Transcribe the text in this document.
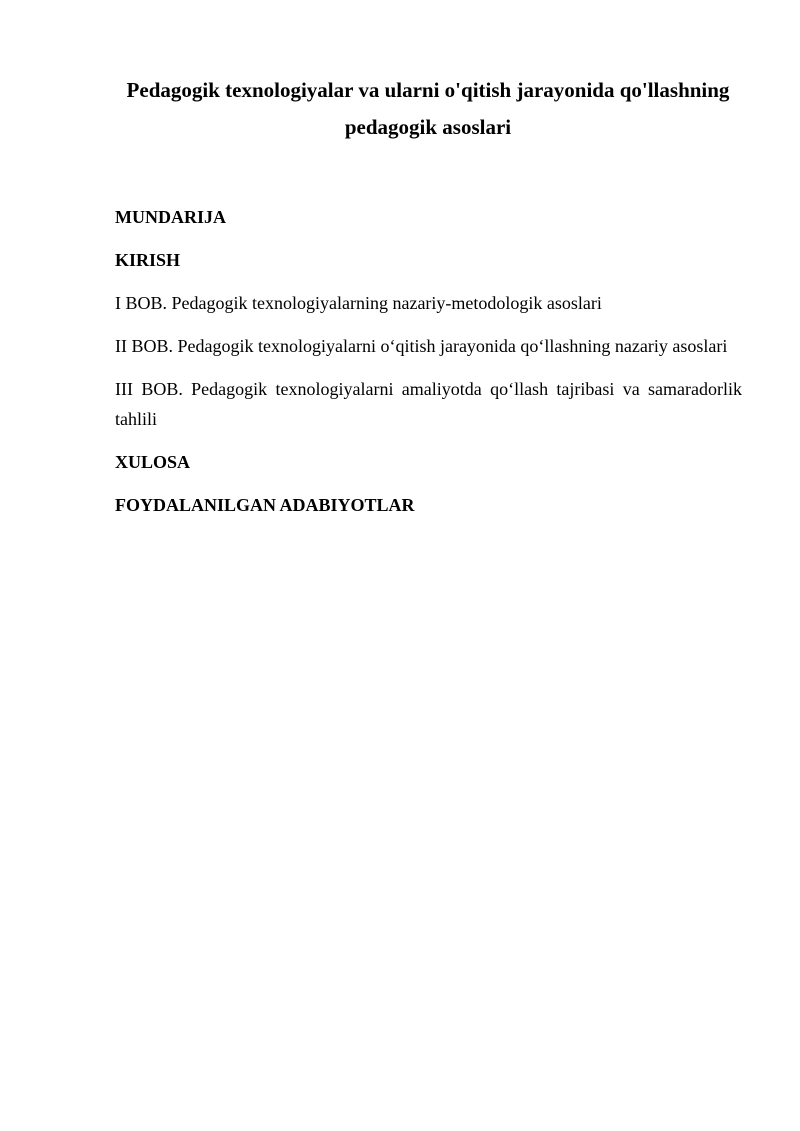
Pedagogik texnologiyalar va ularni o'qitish jarayonida qo'llashning pedagogik asoslari
MUNDARIJA
KIRISH
I BOB. Pedagogik texnologiyalarning nazariy-metodologik asoslari
II BOB. Pedagogik texnologiyalarni o‘qitish jarayonida qo‘llashning nazariy asoslari
III BOB. Pedagogik texnologiyalarni amaliyotda qo‘llash tajribasi va samaradorlik tahlili
XULOSA
FOYDALANILGAN ADABIYOTLAR
